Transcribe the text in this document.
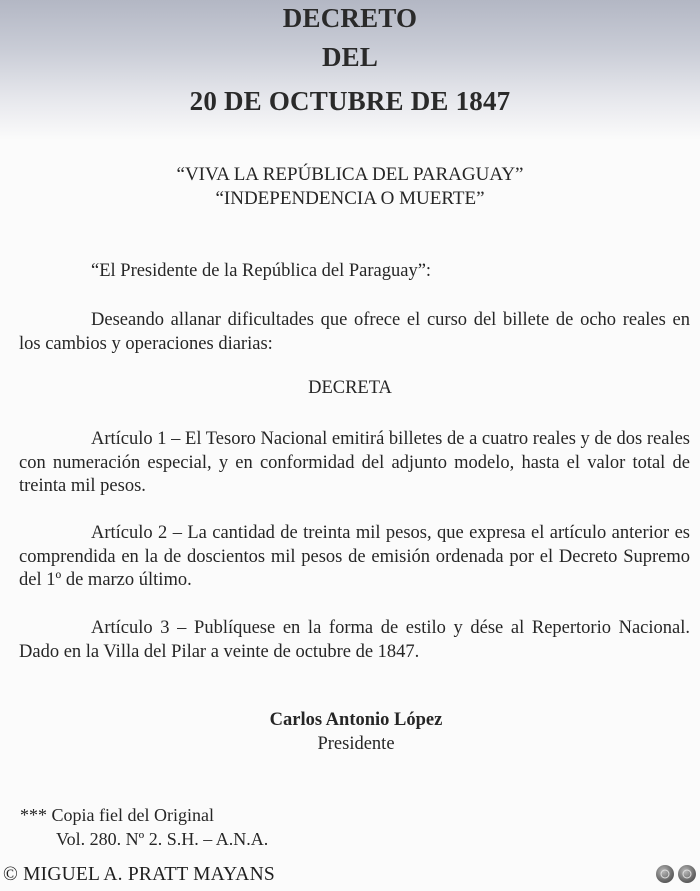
DECRETO
DEL
20 DE OCTUBRE DE 1847
“VIVA LA REPÚBLICA DEL PARAGUAY”
“INDEPENDENCIA O MUERTE”

“El Presidente de la República del Paraguay”:

Deseando allanar dificultades que ofrece el curso del billete de ocho reales en los cambios y operaciones diarias:

DECRETA

Artículo 1 – El Tesoro Nacional emitirá billetes de a cuatro reales y de dos reales con numeración especial, y en conformidad del adjunto modelo, hasta el valor total de treinta mil pesos.

Artículo 2 – La cantidad de treinta mil pesos, que expresa el artículo anterior es comprendida en la de doscientos mil pesos de emisión ordenada por el Decreto Supremo del 1º de marzo último.

Artículo 3 – Publíquese en la forma de estilo y dése al Repertorio Nacional. Dado en la Villa del Pilar a veinte de octubre de 1847.

Carlos Antonio López
Presidente
*** Copia fiel del Original
Vol. 280. Nº 2. S.H. – A.N.A.
© MIGUEL A. PRATT MAYANS
